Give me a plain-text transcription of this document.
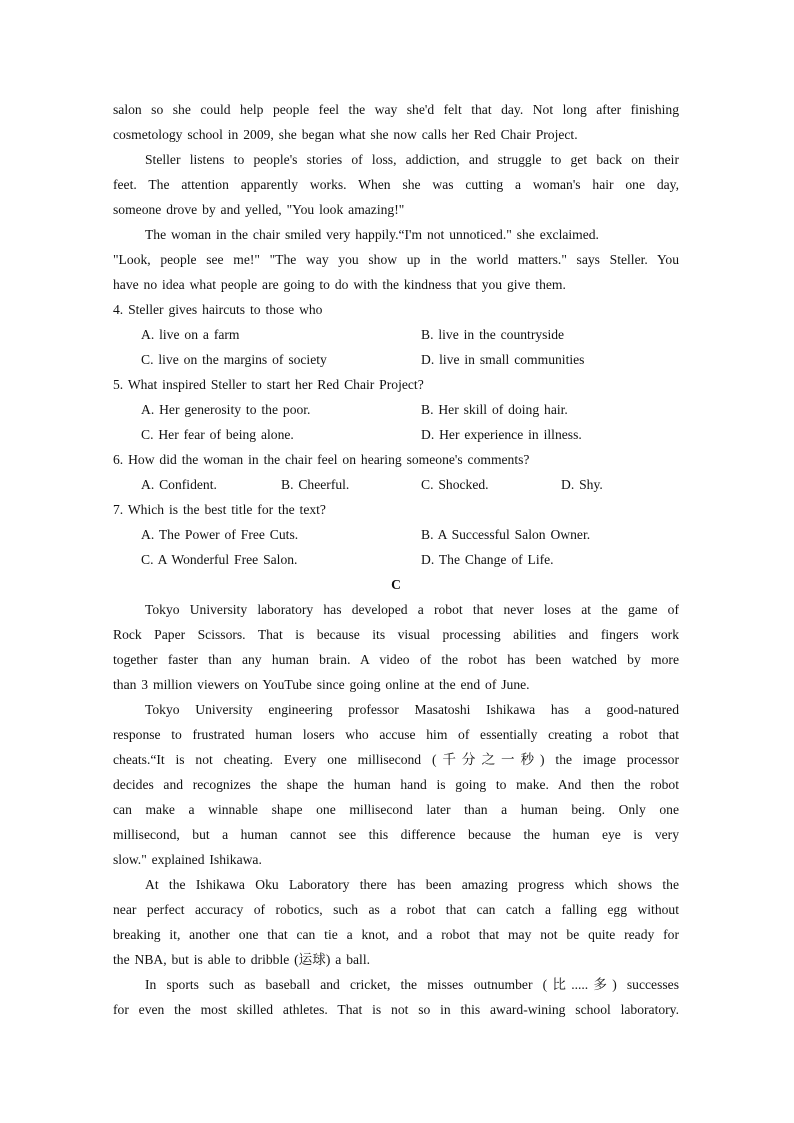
salon so she could help people feel the way she'd felt that day. Not long after finishing
cosmetology school in 2009, she began what she now calls her Red Chair Project.
Steller listens to people's stories of loss, addiction, and struggle to get back on their
feet. The attention apparently works. When she was cutting a woman's hair one day,
someone drove by and yelled, "You look amazing!"
The woman in the chair smiled very happily.“I'm not unnoticed." she exclaimed.
"Look, people see me!" "The way you show up in the world matters." says Steller. You
have no idea what people are going to do with the kindness that you give them.
4. Steller gives haircuts to those who
A. live on a farm	B. live in the countryside
C. live on the margins of society	D. live in small communities
5. What inspired Steller to start her Red Chair Project?
A. Her generosity to the poor.	B. Her skill of doing hair.
C. Her fear of being alone.	D. Her experience in illness.
6. How did the woman in the chair feel on hearing someone's comments?
A. Confident.	B. Cheerful.	C. Shocked.	D. Shy.
7. Which is the best title for the text?
A. The Power of Free Cuts.	B. A Successful Salon Owner.
C. A Wonderful Free Salon.	D. The Change of Life.
C
Tokyo University laboratory has developed a robot that never loses at the game of
Rock Paper Scissors. That is because its visual processing abilities and fingers work
together faster than any human brain. A video of the robot has been watched by more
than 3 million viewers on YouTube since going online at the end of June.
Tokyo University engineering professor Masatoshi Ishikawa has a good-natured
response to frustrated human losers who accuse him of essentially creating a robot that
cheats.“It is not cheating. Every one millisecond (千分之一秒) the image processor
decides and recognizes the shape the human hand is going to make. And then the robot
can make a winnable shape one millisecond later than a human being. Only one
millisecond, but a human cannot see this difference because the human eye is very
slow." explained Ishikawa.
At the Ishikawa Oku Laboratory there has been amazing progress which shows the
near perfect accuracy of robotics, such as a robot that can catch a falling egg without
breaking it, another one that can tie a knot, and a robot that may not be quite ready for
the NBA, but is able to dribble (运球) a ball.
In sports such as baseball and cricket, the misses outnumber (比.....多) successes
for even the most skilled athletes. That is not so in this award-wining school laboratory.
